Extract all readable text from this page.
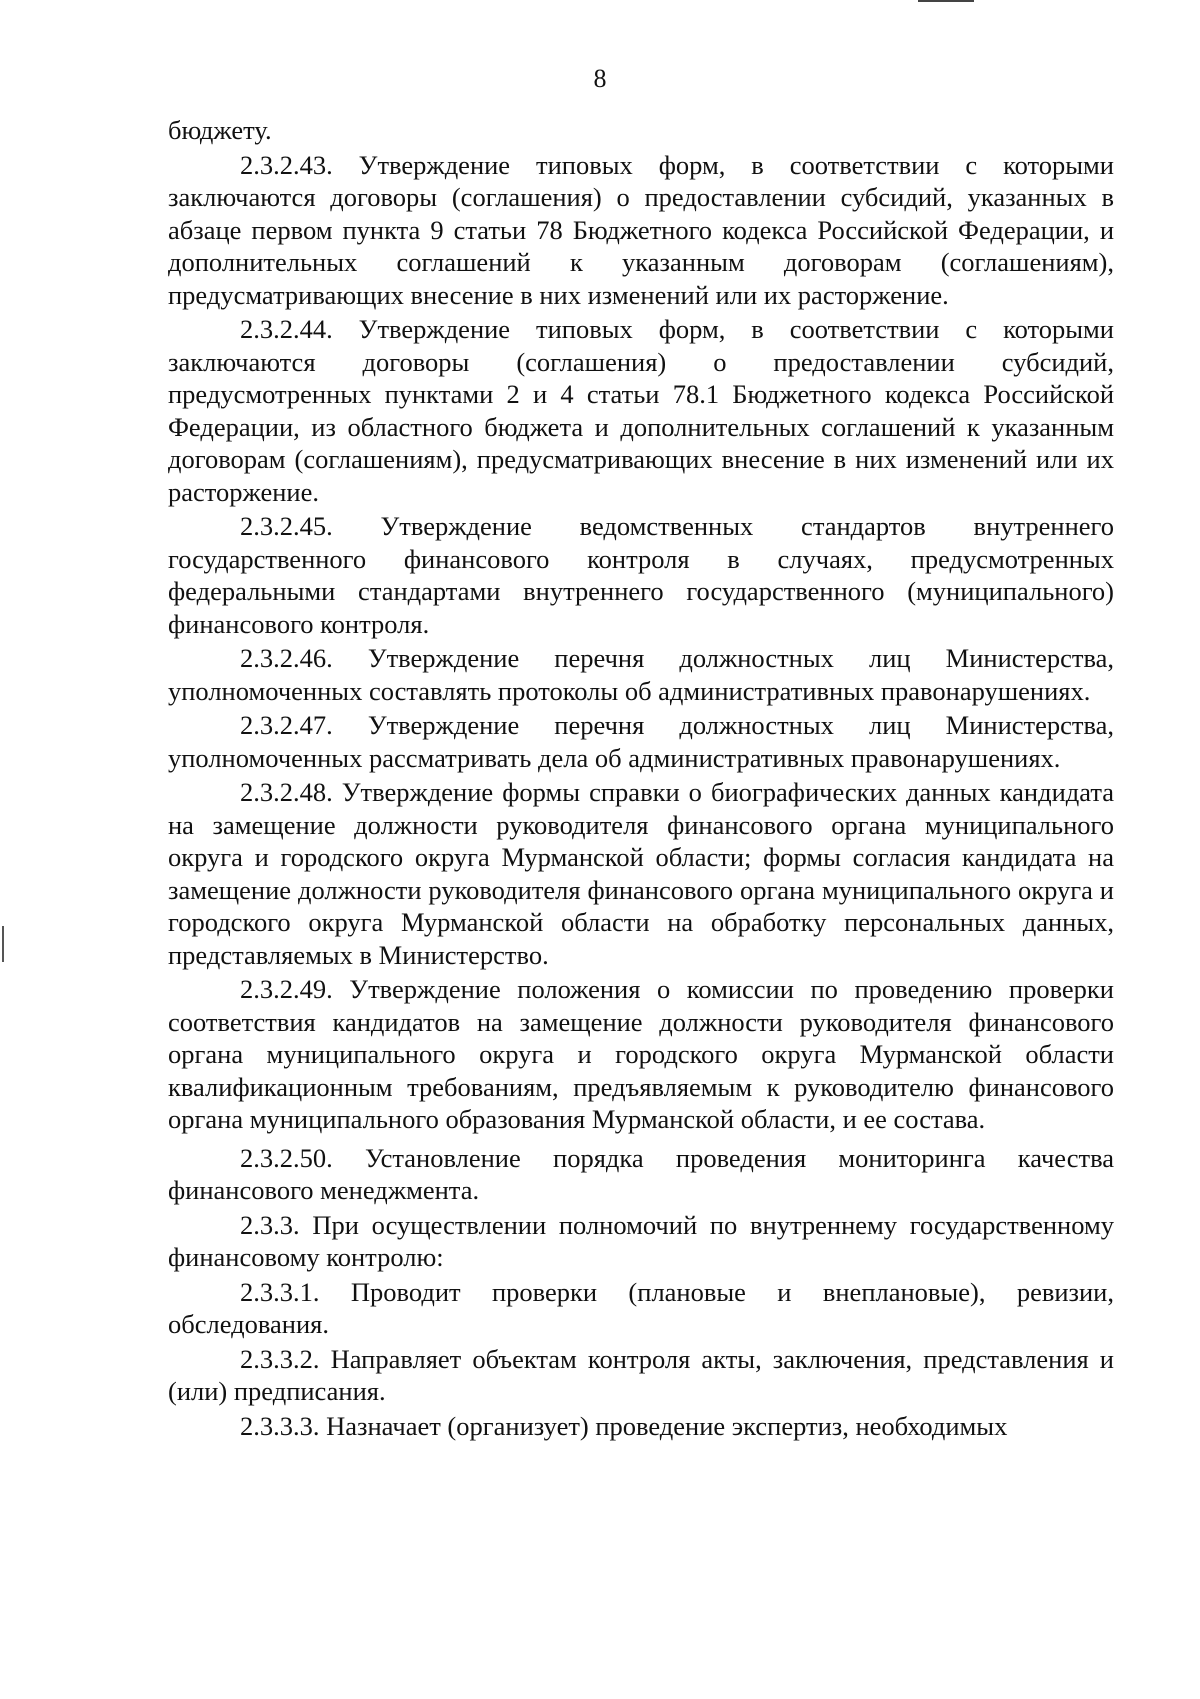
8

бюджету.

2.3.2.43. Утверждение типовых форм, в соответствии с которыми заключаются договоры (соглашения) о предоставлении субсидий, указанных в абзаце первом пункта 9 статьи 78 Бюджетного кодекса Российской Федерации, и дополнительных соглашений к указанным договорам (соглашениям), предусматривающих внесение в них изменений или их расторжение.

2.3.2.44. Утверждение типовых форм, в соответствии с которыми заключаются договоры (соглашения) о предоставлении субсидий, предусмотренных пунктами 2 и 4 статьи 78.1 Бюджетного кодекса Российской Федерации, из областного бюджета и дополнительных соглашений к указанным договорам (соглашениям), предусматривающих внесение в них изменений или их расторжение.

2.3.2.45. Утверждение ведомственных стандартов внутреннего государственного финансового контроля в случаях, предусмотренных федеральными стандартами внутреннего государственного (муниципального) финансового контроля.

2.3.2.46. Утверждение перечня должностных лиц Министерства, уполномоченных составлять протоколы об административных правонарушениях.

2.3.2.47. Утверждение перечня должностных лиц Министерства, уполномоченных рассматривать дела об административных правонарушениях.

2.3.2.48. Утверждение формы справки о биографических данных кандидата на замещение должности руководителя финансового органа муниципального округа и городского округа Мурманской области; формы согласия кандидата на замещение должности руководителя финансового органа муниципального округа и городского округа Мурманской области на обработку персональных данных, представляемых в Министерство.

2.3.2.49. Утверждение положения о комиссии по проведению проверки соответствия кандидатов на замещение должности руководителя финансового органа муниципального округа и городского округа Мурманской области квалификационным требованиям, предъявляемым к руководителю финансового органа муниципального образования Мурманской области, и ее состава.

2.3.2.50. Установление порядка проведения мониторинга качества финансового менеджмента.

2.3.3. При осуществлении полномочий по внутреннему государственному финансовому контролю:

2.3.3.1. Проводит проверки (плановые и внеплановые), ревизии, обследования.

2.3.3.2. Направляет объектам контроля акты, заключения, представления и (или) предписания.

2.3.3.3. Назначает (организует) проведение экспертиз, необходимых
